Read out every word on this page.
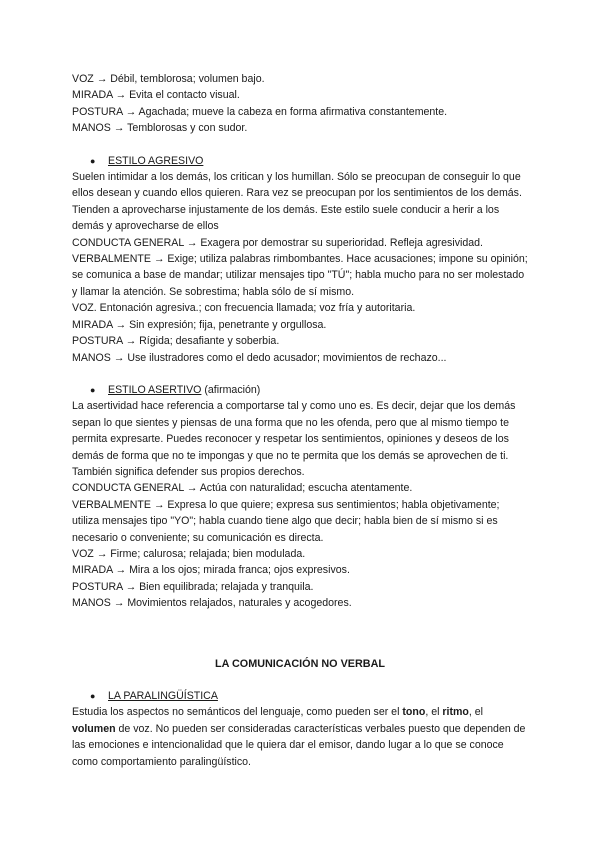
VOZ → Débil, temblorosa; volumen bajo.

MIRADA → Evita el contacto visual.

POSTURA → Agachada; mueve la cabeza en forma afirmativa constantemente.

MANOS → Temblorosas y con sudor.

●	ESTILO AGRESIVO

Suelen intimidar a los demás, los critican y los humillan. Sólo se preocupan de conseguir lo que ellos desean y cuando ellos quieren. Rara vez se preocupan por los sentimientos de los demás. Tienden a aprovecharse injustamente de los demás. Este estilo suele conducir a herir a los demás y aprovecharse de ellos

CONDUCTA GENERAL → Exagera por demostrar su superioridad. Refleja agresividad.

VERBALMENTE → Exige; utiliza palabras rimbombantes. Hace acusaciones; impone su opinión; se comunica a base de mandar; utilizar mensajes tipo "TÚ"; habla mucho para no ser molestado y llamar la atención. Se sobrestima; habla sólo de sí mismo.

VOZ. Entonación agresiva.; con frecuencia llamada; voz fría y autoritaria.

MIRADA → Sin expresión; fija, penetrante y orgullosa.

POSTURA → Rígida; desafiante y soberbia.

MANOS → Use ilustradores como el dedo acusador; movimientos de rechazo...

●	ESTILO ASERTIVO (afirmación)

La asertividad hace referencia a comportarse tal y como uno es. Es decir, dejar que los demás sepan lo que sientes y piensas de una forma que no les ofenda, pero que al mismo tiempo te permita expresarte. Puedes reconocer y respetar los sentimientos, opiniones y deseos de los demás de forma que no te impongas y que no te permita que los demás se aprovechen de ti. También significa defender sus propios derechos.

CONDUCTA GENERAL → Actúa con naturalidad; escucha atentamente.

VERBALMENTE → Expresa lo que quiere; expresa sus sentimientos; habla objetivamente; utiliza mensajes tipo "YO"; habla cuando tiene algo que decir; habla bien de sí mismo si es necesario o conveniente; su comunicación es directa.

VOZ → Firme; calurosa; relajada; bien modulada.

MIRADA → Mira a los ojos; mirada franca; ojos expresivos.

POSTURA → Bien equilibrada; relajada y tranquila.

MANOS → Movimientos relajados, naturales y acogedores.

LA COMUNICACIÓN NO VERBAL

●	LA PARALINGÜÍSTICA

Estudia los aspectos no semánticos del lenguaje, como pueden ser el tono, el ritmo, el volumen de voz. No pueden ser consideradas características verbales puesto que dependen de las emociones e intencionalidad que le quiera dar el emisor, dando lugar a lo que se conoce como comportamiento paralingüístico.
